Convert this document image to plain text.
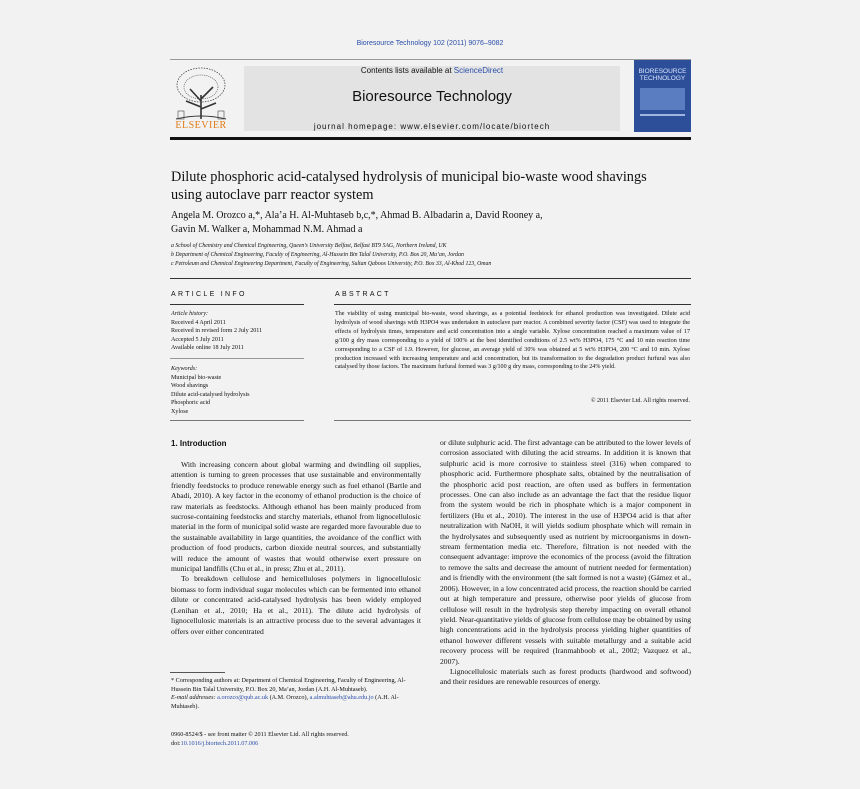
Bioresource Technology 102 (2011) 9076–9082
ELSEVIER
Contents lists available at ScienceDirect
Bioresource Technology
journal homepage: www.elsevier.com/locate/biortech
BIORESOURCE TECHNOLOGY
Dilute phosphoric acid-catalysed hydrolysis of municipal bio-waste wood shavings using autoclave parr reactor system
Angela M. Orozco a,*, Ala’a H. Al-Muhtaseb b,c,*, Ahmad B. Albadarin a, David Rooney a,
Gavin M. Walker a, Mohammad N.M. Ahmad a
a School of Chemistry and Chemical Engineering, Queen’s University Belfast, Belfast BT9 5AG, Northern Ireland, UK
b Department of Chemical Engineering, Faculty of Engineering, Al-Hussein Bin Talal University, P.O. Box 20, Ma’an, Jordan
c Petroleum and Chemical Engineering Department, Faculty of Engineering, Sultan Qaboos University, P.O. Box 33, Al-Khod 123, Oman
ARTICLE INFO
Article history:
Received 4 April 2011
Received in revised form 2 July 2011
Accepted 5 July 2011
Available online 18 July 2011
Keywords:
Municipal bio-waste
Wood shavings
Dilute acid-catalysed hydrolysis
Phosphoric acid
Xylose
ABSTRACT
The viability of using municipal bio-waste, wood shavings, as a potential feedstock for ethanol production was investigated. Dilute acid hydrolysis of wood shavings with H3PO4 was undertaken in autoclave parr reactor. A combined severity factor (CSF) was used to integrate the effects of hydrolysis times, temperature and acid concentration into a single variable. Xylose concentration reached a maximum value of 17 g/100 g dry mass corresponding to a yield of 100% at the best identified conditions of 2.5 wt% H3PO4, 175 °C and 10 min reaction time corresponding to a CSF of 1.9. However, for glucose, an average yield of 30% was obtained at 5 wt% H3PO4, 200 °C and 10 min. Xylose production increased with increasing temperature and acid concentration, but its transformation to the degradation product furfural was also catalysed by those factors. The maximum furfural formed was 3 g/100 g dry mass, corresponding to the 24% yield.
© 2011 Elsevier Ltd. All rights reserved.
1. Introduction

With increasing concern about global warming and dwindling oil supplies, attention is turning to green processes that use sustainable and environmentally friendly feedstocks to produce renewable energy such as fuel ethanol (Bartle and Abadi, 2010). A key factor in the economy of ethanol production is the choice of raw materials as feedstocks. Although ethanol has been mainly produced from sucrose-containing feedstocks and starchy materials, ethanol from lignocellulosic material in the form of municipal solid waste are regarded more favourable due to the sustainable availability in large quantities, the avoidance of the conflict with production of food products, carbon dioxide neutral sources, and substantially will reduce the amount of wastes that would otherwise exert pressure on municipal landfills (Chu et al., in press; Zhu et al., 2011).

To breakdown cellulose and hemicelluloses polymers in lignocellulosic biomass to form individual sugar molecules which can be fermented into ethanol dilute or concentrated acid-catalysed hydrolysis has been widely employed (Lenihan et al., 2010; Ha et al., 2011). The dilute acid hydrolysis of lignocellulosic materials is an attractive process due to the several advantages it offers over either concentrated

or dilute sulphuric acid. The first advantage can be attributed to the lower levels of corrosion associated with diluting the acid streams. In addition it is known that sulphuric acid is more corrosive to stainless steel (316) when compared to phosphoric acid. Furthermore phosphate salts, obtained by the neutralisation of the phosphoric acid post reaction, are often used as buffers in fermentation processes. One can also include as an advantage the fact that the residue liquor from the system would be rich in phosphate which is a major component in fertilizers (Hu et al., 2010). The interest in the use of H3PO4 acid is that after neutralization with NaOH, it will yields sodium phosphate which will remain in the hydrolysates and subsequently used as nutrient by microorganisms in down-stream fermentation media etc. Therefore, filtration is not needed with the consequent advantage: improve the economics of the process (avoid the filtration to remove the salts and decrease the amount of nutrient needed for fermentation) and is friendly with the environment (the salt formed is not a waste) (Gámez et al., 2006). However, in a low concentrated acid process, the reaction should be carried out at high temperature and pressure, otherwise poor yields of glucose from cellulose will result in the hydrolysis step thereby impacting on overall ethanol yield. Near-quantitative yields of glucose from cellulose may be obtained by using high concentrations acid in the hydrolysis process yielding higher quantities of ethanol however different vessels with suitable metallurgy and a suitable acid recovery process will be required (Iranmahboob et al., 2002; Vazquez et al., 2007).

Lignocellulosic materials such as forest products (hardwood and softwood) and their residues are renewable resources of energy.

* Corresponding authors at: Department of Chemical Engineering, Faculty of Engineering, Al-Hussein Bin Talal University, P.O. Box 20, Ma’an, Jordan (A.H. Al-Muhtaseb).
E-mail addresses: a.orozco@qub.ac.uk (A.M. Orozco), a.almuhtaseb@ahu.edu.jo (A.H. Al-Muhtaseb).
0960-8524/$ - see front matter © 2011 Elsevier Ltd. All rights reserved.
doi:10.1016/j.biortech.2011.07.006
